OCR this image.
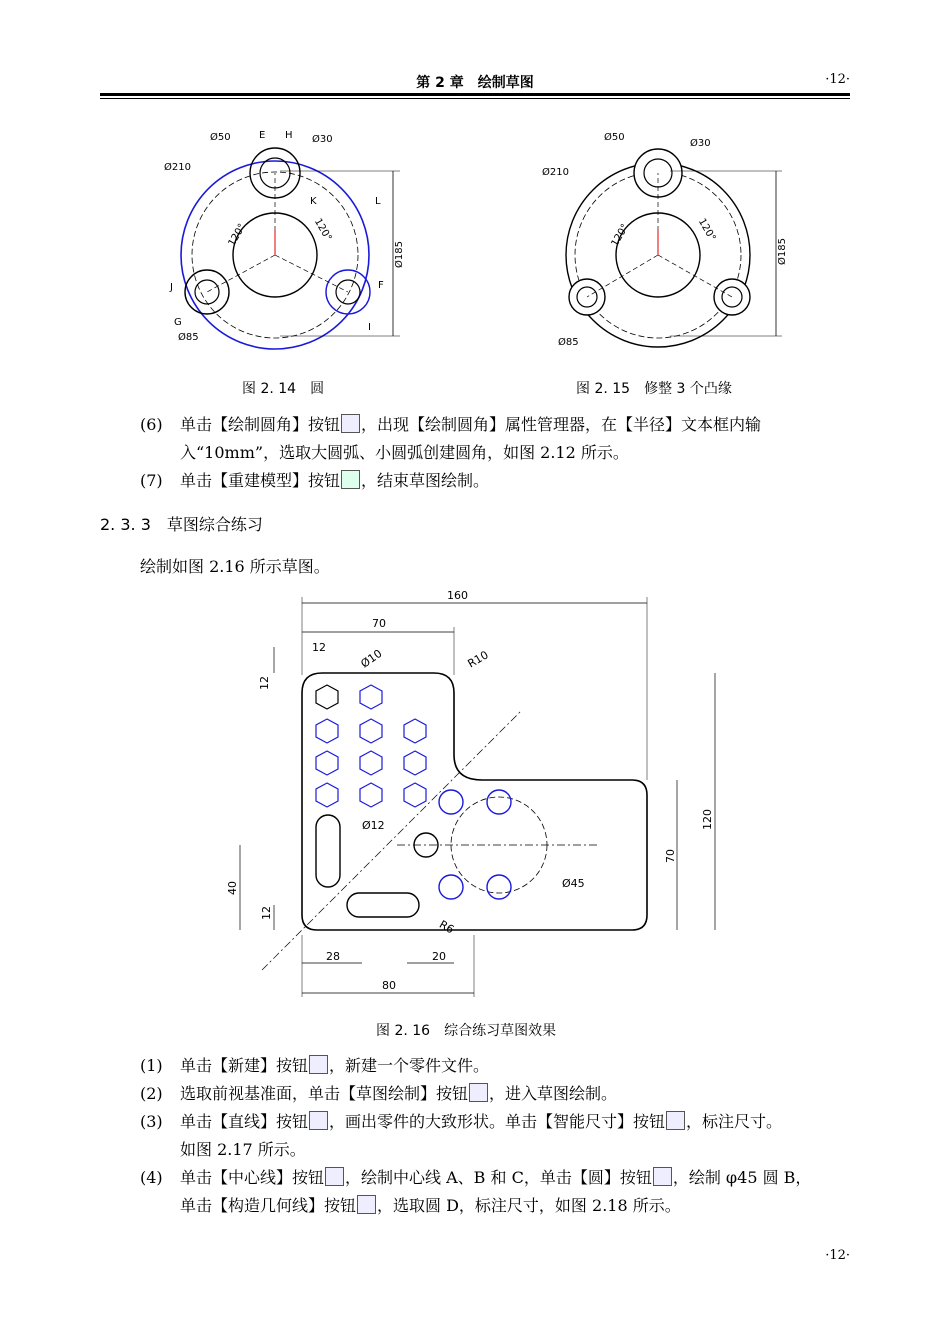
第 2 章　绘制草图	·12·
Ø50	E H Ø30
Ø210
K	L
120°	120°
Ø185
J	F
G	I
Ø85
图 2. 14　圆
Ø50
Ø30
Ø210
120°	120°
Ø185
Ø85
图 2. 15　修整 3 个凸缘
(6) 单击【绘制圆角】按钮 ，出现【绘制圆角】属性管理器，在【半径】文本框内输
入“10mm”，选取大圆弧、小圆弧创建圆角，如图 2.12 所示。
(7) 单击【重建模型】按钮 ，结束草图绘制。
2. 3. 3　草图综合练习
绘制如图 2.16 所示草图。
160
70
12	Ø10	R10
12
120
70
Ø12
Ø45
40
12
R6
28	20
80
图 2. 16　综合练习草图效果
(1) 单击【新建】按钮 ，新建一个零件文件。
(2) 选取前视基准面，单击【草图绘制】按钮 ，进入草图绘制。
(3) 单击【直线】按钮 ，画出零件的大致形状。单击【智能尺寸】按钮 ，标注尺寸。
如图 2.17 所示。
(4) 单击【中心线】按钮 ，绘制中心线 A、B 和 C，单击【圆】按钮 ，绘制 φ45 圆 B，
单击【构造几何线】按钮 ，选取圆 D，标注尺寸，如图 2.18 所示。
·12·
